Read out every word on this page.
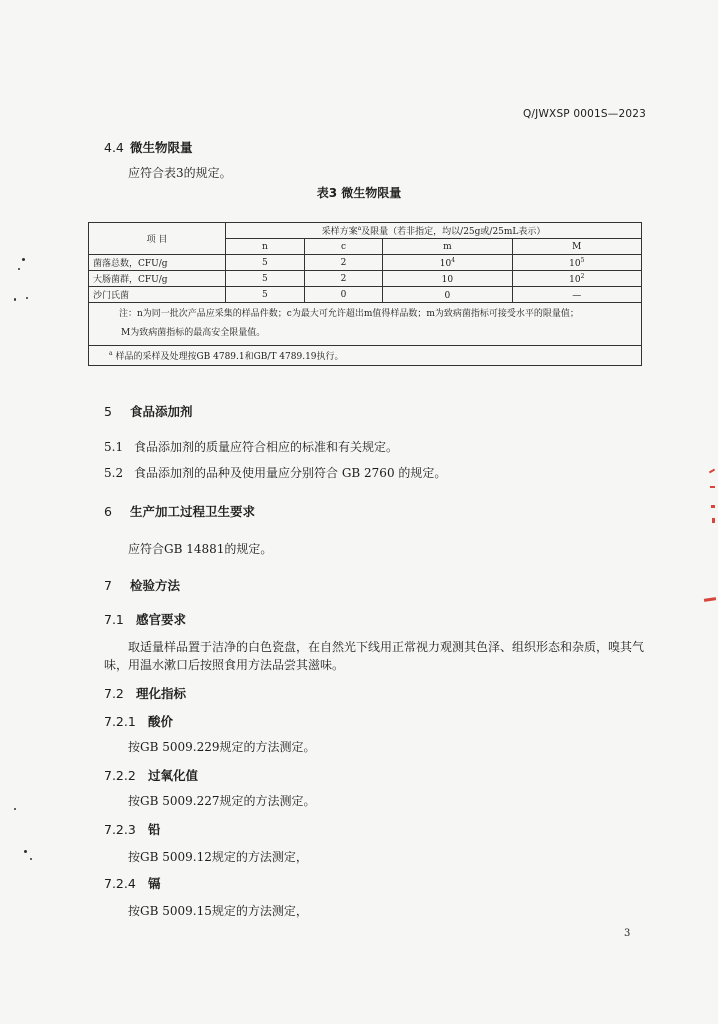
Q/JWXSP 0001S—2023
4.4 微生物限量
应符合表3的规定。
表3 微生物限量
项 目	采样方案$^a$及限量（若非指定，均以/25g或/25mL表示）			
	n	c	m	M
菌落总数，CFU/g	5	2	$10^4$	$10^5$
大肠菌群，CFU/g	5	2	10	$10^2$
沙门氏菌	5	0	0	—

注：n为同一批次产品应采集的样品件数；c为最大可允许超出m值得样品数；m为致病菌指标可接受水平的限量值；
M为致病菌指标的最高安全限量值。				

$^a$ 样品的采样及处理按GB 4789.1和GB/T 4789.19执行。				
5 食品添加剂
5.1 食品添加剂的质量应符合相应的标准和有关规定。
5.2 食品添加剂的品种及使用量应分别符合 GB 2760 的规定。
6 生产加工过程卫生要求
应符合GB 14881的规定。
7 检验方法
7.1 感官要求
取适量样品置于洁净的白色瓷盘，在自然光下线用正常视力观测其色泽、组织形态和杂质，嗅其气
味，用温水漱口后按照食用方法品尝其滋味。
7.2 理化指标
7.2.1 酸价
按GB 5009.229规定的方法测定。
7.2.2 过氧化值
按GB 5009.227规定的方法测定。
7.2.3 铅
按GB 5009.12规定的方法测定，
7.2.4 镉
按GB 5009.15规定的方法测定，
3
